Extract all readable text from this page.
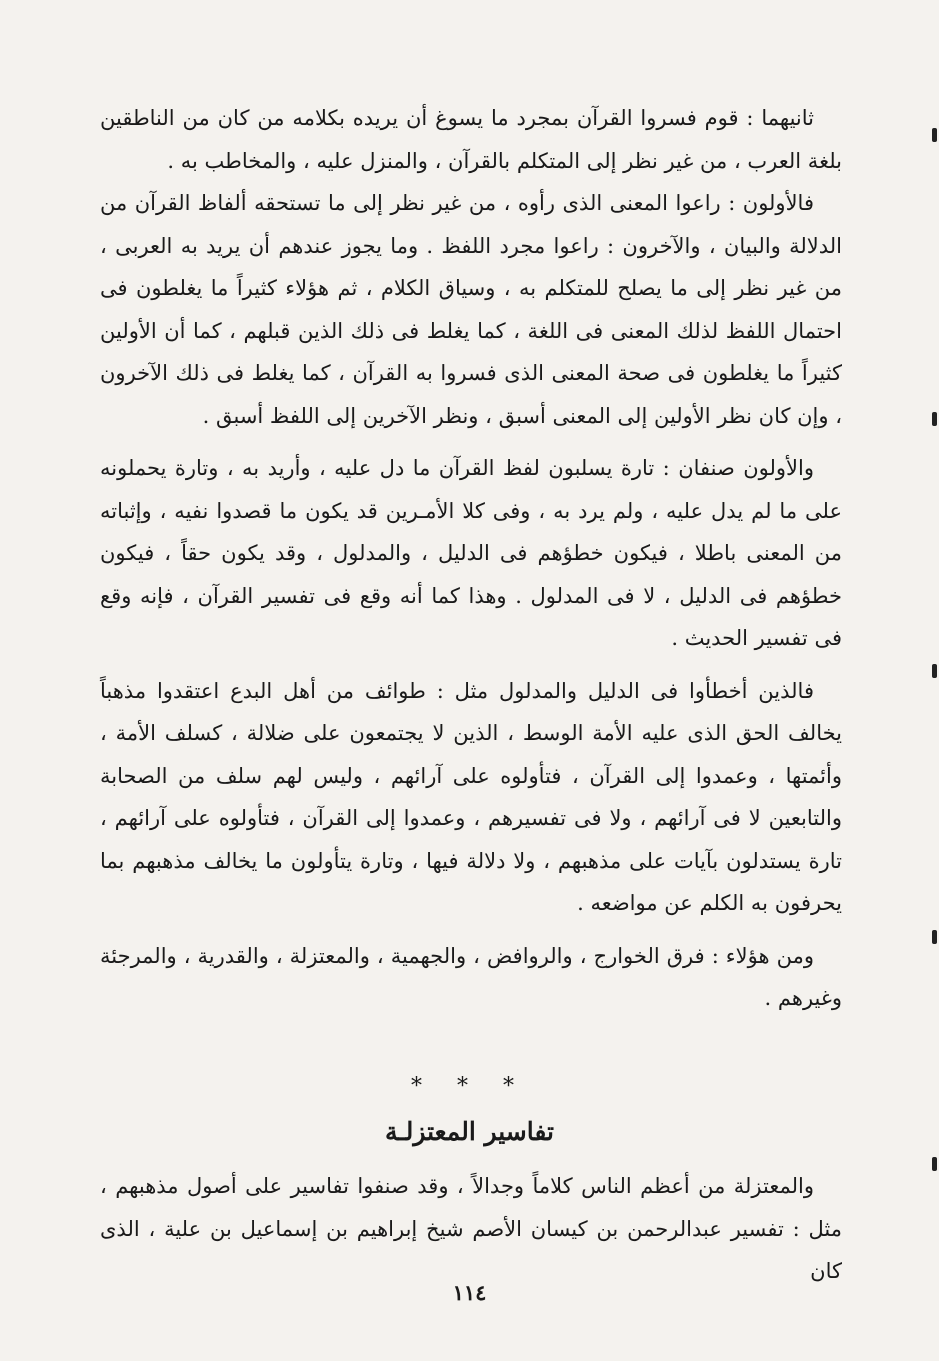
ثانيهما : قوم فسروا القرآن بمجرد ما يسوغ أن يريده بكلامه من كان من الناطقين بلغة العرب ، من غير نظر إلى المتكلم بالقرآن ، والمنزل عليه ، والمخاطب به .

فالأولون : راعوا المعنى الذى رأوه ، من غير نظر إلى ما تستحقه ألفاظ القرآن من الدلالة والبيان ، والآخرون : راعوا مجرد اللفظ . وما يجوز عندهم أن يريد به العربى ، من غير نظر إلى ما يصلح للمتكلم به ، وسياق الكلام ، ثم هؤلاء كثيراً ما يغلطون فى احتمال اللفظ لذلك المعنى فى اللغة ، كما يغلط فى ذلك الذين قبلهم ، كما أن الأولين كثيراً ما يغلطون فى صحة المعنى الذى فسروا به القرآن ، كما يغلط فى ذلك الآخرون ، وإن كان نظر الأولين إلى المعنى أسبق ، ونظر الآخرين إلى اللفظ أسبق .

والأولون صنفان : تارة يسلبون لفظ القرآن ما دل عليه ، وأريد به ، وتارة يحملونه على ما لم يدل عليه ، ولم يرد به ، وفى كلا الأمـرين قد يكون ما قصدوا نفيه ، وإثباته من المعنى باطلا ، فيكون خطؤهم فى الدليل ، والمدلول ، وقد يكون حقاً ، فيكون خطؤهم فى الدليل ، لا فى المدلول . وهذا كما أنه وقع فى تفسير القرآن ، فإنه وقع فى تفسير الحديث .

فالذين أخطأوا فى الدليل والمدلول مثل : طوائف من أهل البدع اعتقدوا مذهباً يخالف الحق الذى عليه الأمة الوسط ، الذين لا يجتمعون على ضلالة ، كسلف الأمة ، وأئمتها ، وعمدوا إلى القرآن ، فتأولوه على آرائهم ، وليس لهم سلف من الصحابة والتابعين لا فى آرائهم ، ولا فى تفسيرهم ، وعمدوا إلى القرآن ، فتأولوه على آرائهم ، تارة يستدلون بآيات على مذهبهم ، ولا دلالة فيها ، وتارة يتأولون ما يخالف مذهبهم بما يحرفون به الكلم عن مواضعه .

ومن هؤلاء : فرق الخوارج ، والروافض ، والجهمية ، والمعتزلة ، والقدرية ، والمرجئة وغيرهم .

* * *
تفاسير المعتزلـة

والمعتزلة من أعظم الناس كلاماً وجدالاً ، وقد صنفوا تفاسير على أصول مذهبهم ، مثل : تفسير عبدالرحمن بن كيسان الأصم شيخ إبراهيم بن إسماعيل بن علية ، الذى كان

١١٤
